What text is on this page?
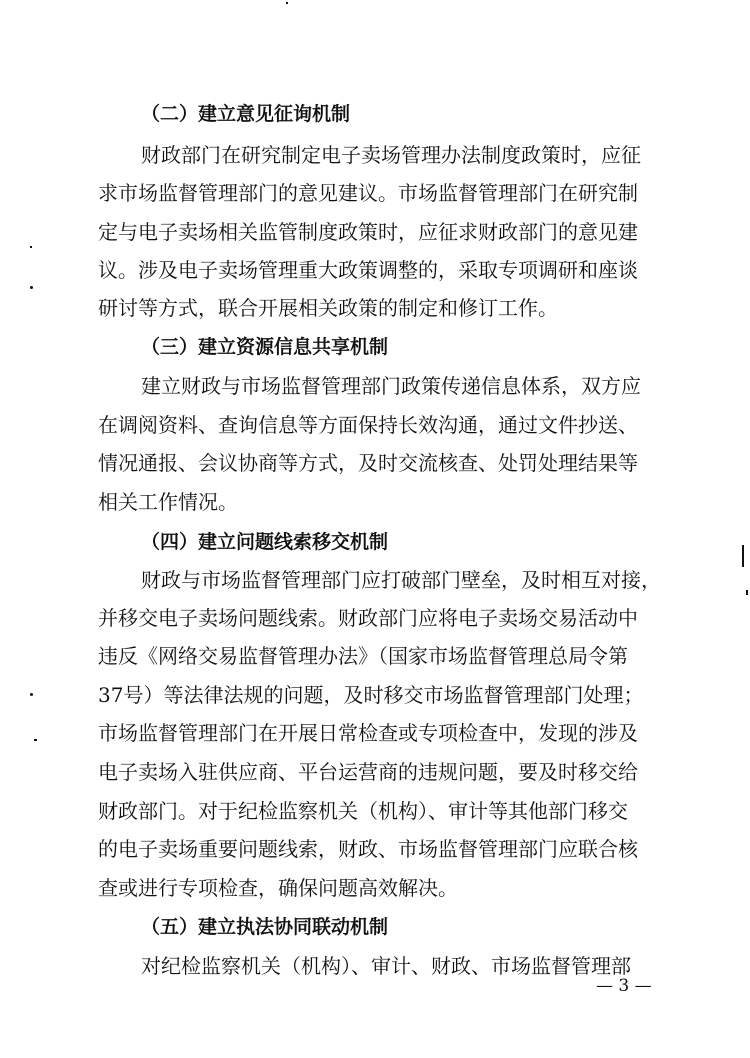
（二）建立意见征询机制
财政部门在研究制定电子卖场管理办法制度政策时，应征
求市场监督管理部门的意见建议。市场监督管理部门在研究制
定与电子卖场相关监管制度政策时，应征求财政部门的意见建
议。涉及电子卖场管理重大政策调整的，采取专项调研和座谈
研讨等方式，联合开展相关政策的制定和修订工作。
（三）建立资源信息共享机制
建立财政与市场监督管理部门政策传递信息体系，双方应
在调阅资料、查询信息等方面保持长效沟通，通过文件抄送、
情况通报、会议协商等方式，及时交流核查、处罚处理结果等
相关工作情况。
（四）建立问题线索移交机制
财政与市场监督管理部门应打破部门壁垒，及时相互对接，
并移交电子卖场问题线索。财政部门应将电子卖场交易活动中
违反《网络交易监督管理办法》（国家市场监督管理总局令第
37号）等法律法规的问题，及时移交市场监督管理部门处理；
市场监督管理部门在开展日常检查或专项检查中，发现的涉及
电子卖场入驻供应商、平台运营商的违规问题，要及时移交给
财政部门。对于纪检监察机关（机构）、审计等其他部门移交
的电子卖场重要问题线索，财政、市场监督管理部门应联合核
查或进行专项检查，确保问题高效解决。
（五）建立执法协同联动机制
对纪检监察机关（机构）、审计、财政、市场监督管理部
— 3 —
